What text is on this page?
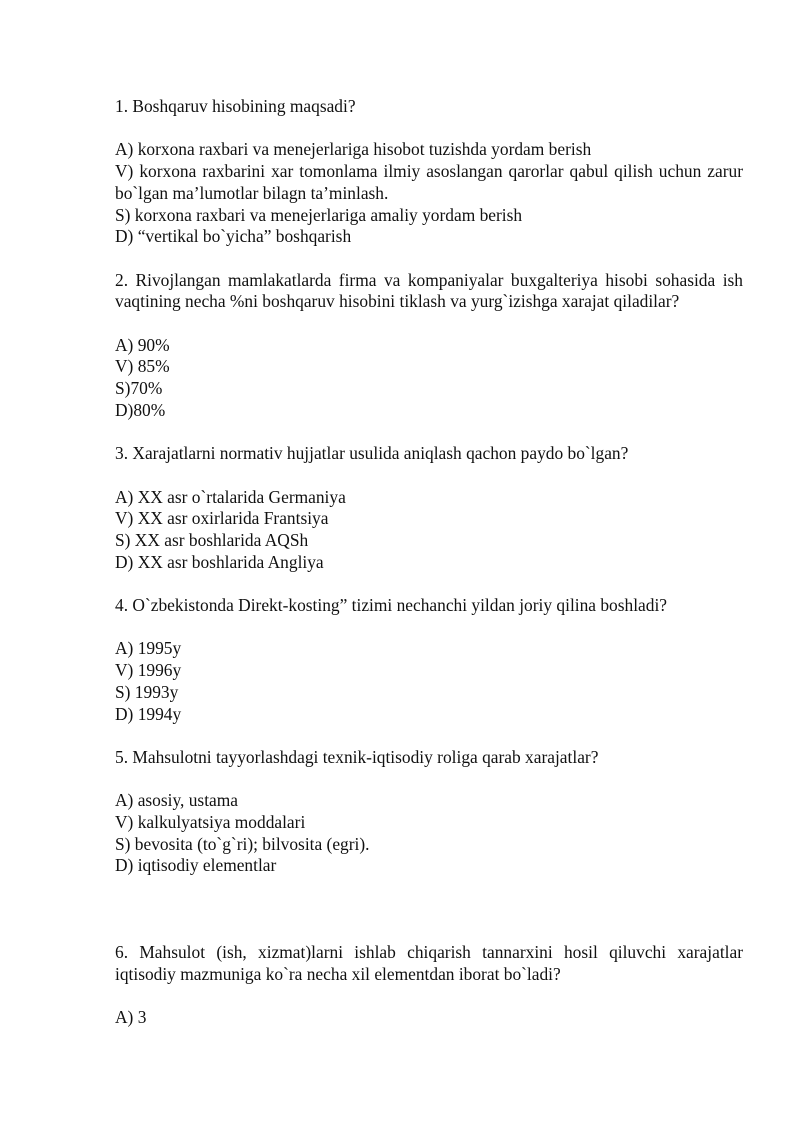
1. Boshqaruv hisobining maqsadi?

A) korxona raxbari va menejerlariga hisobot tuzishda yordam berish
V) korxona raxbarini xar tomonlama ilmiy asoslangan qarorlar qabul qilish uchun zarur bo`lgan ma’lumotlar bilagn ta’minlash.
S) korxona raxbari va menejerlariga amaliy yordam berish
D) “vertikal bo`yicha” boshqarish

2. Rivojlangan mamlakatlarda firma va kompaniyalar buxgalteriya hisobi sohasida ish vaqtining necha %ni boshqaruv hisobini tiklash va yurg`izishga xarajat qiladilar?

A) 90%
V) 85%
S)70%
D)80%

3. Xarajatlarni normativ hujjatlar usulida aniqlash qachon paydo bo`lgan?

A) XX asr o`rtalarida Germaniya
V) XX asr oxirlarida Frantsiya
S) XX asr boshlarida AQSh
D) XX asr boshlarida Angliya

4. O`zbekistonda Direkt-kosting” tizimi nechanchi yildan joriy qilina boshladi?

A) 1995y
V) 1996y
S) 1993y
D) 1994y

5. Mahsulotni tayyorlashdagi texnik-iqtisodiy roliga qarab xarajatlar?

A) asosiy, ustama
V) kalkulyatsiya moddalari
S) bevosita (to`g`ri); bilvosita (egri).
D) iqtisodiy elementlar

6. Mahsulot (ish, xizmat)larni ishlab chiqarish tannarxini hosil qiluvchi xarajatlar iqtisodiy mazmuniga ko`ra necha xil elementdan iborat bo`ladi?

A) 3
